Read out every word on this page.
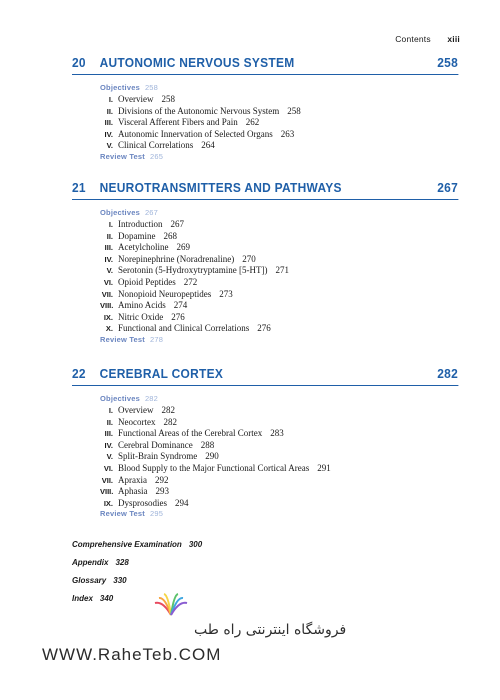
Contents xiii
20	AUTONOMIC NERVOUS SYSTEM	258
Objectives 258
I. Overview 258
II. Divisions of the Autonomic Nervous System 258
III. Visceral Afferent Fibers and Pain 262
IV. Autonomic Innervation of Selected Organs 263
V. Clinical Correlations 264
Review Test 265
21	NEUROTRANSMITTERS AND PATHWAYS	267
Objectives 267
I. Introduction 267
II. Dopamine 268
III. Acetylcholine 269
IV. Norepinephrine (Noradrenaline) 270
V. Serotonin (5-Hydroxytryptamine [5-HT]) 271
VI. Opioid Peptides 272
VII. Nonopioid Neuropeptides 273
VIII. Amino Acids 274
IX. Nitric Oxide 276
X. Functional and Clinical Correlations 276
Review Test 278
22	CEREBRAL CORTEX	282
Objectives 282
I. Overview 282
II. Neocortex 282
III. Functional Areas of the Cerebral Cortex 283
IV. Cerebral Dominance 288
V. Split-Brain Syndrome 290
VI. Blood Supply to the Major Functional Cortical Areas 291
VII. Apraxia 292
VIII. Aphasia 293
IX. Dysprosodies 294
Review Test 295
Comprehensive Examination 300
Appendix 328
Glossary 330
Index 340
فروشگاه اینترنتی راه طب
WWW.RaheTeb.COM
